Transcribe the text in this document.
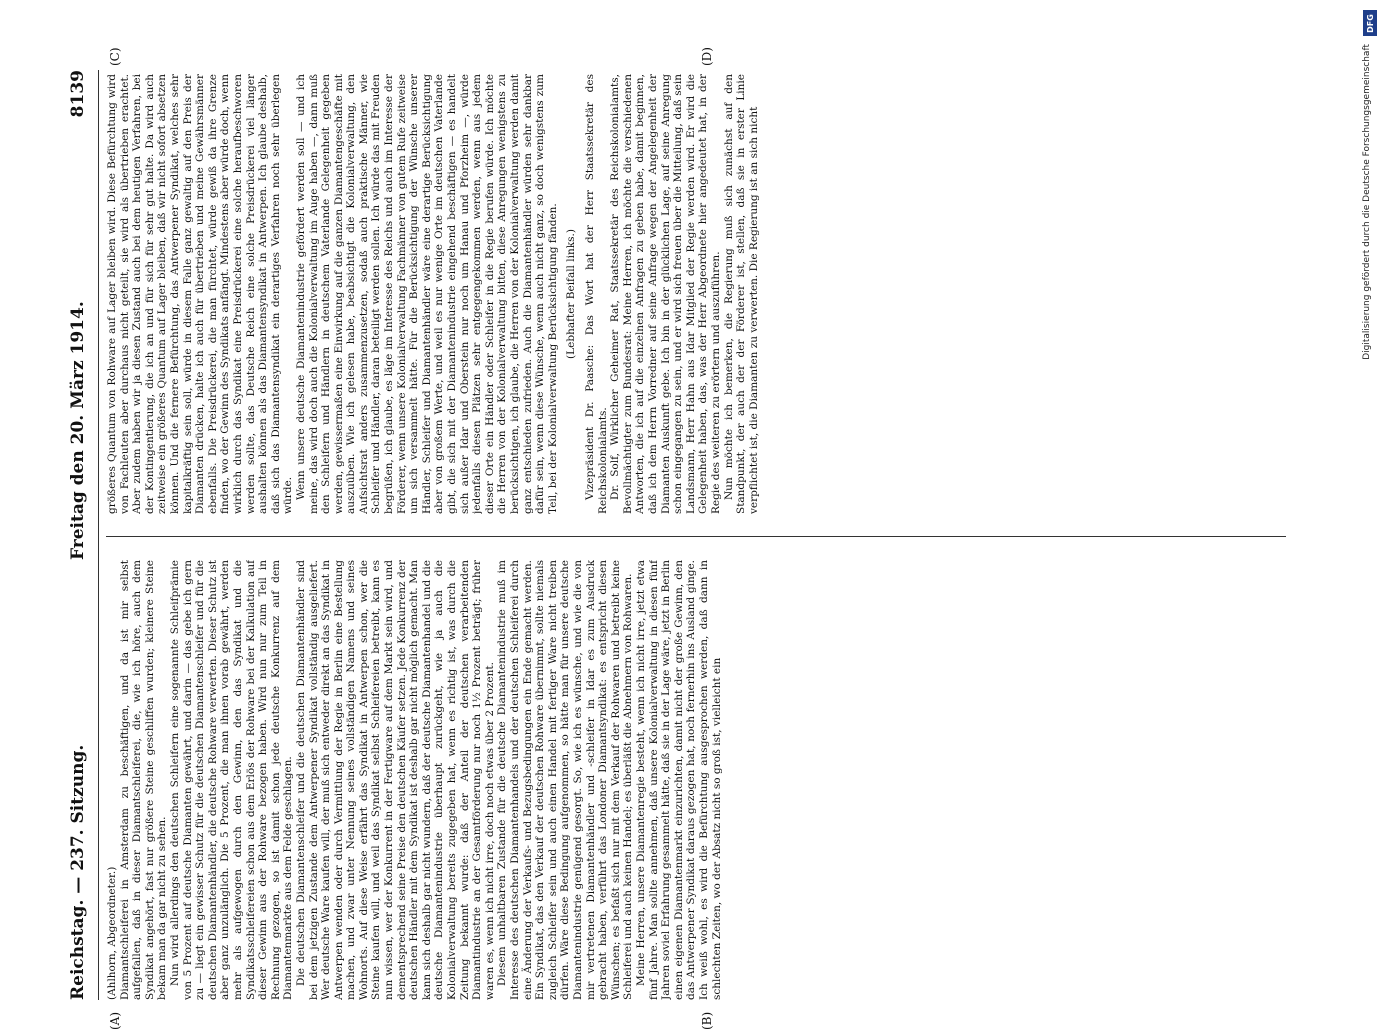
Reichstag. — 237. Sitzung.
Freitag den 20. März 1914.
8139

(Ahlhorn, Abgeordneter.) Diamantschleiferei in Amsterdam zu beschäftigen, und da ist mir selbst aufgefallen, daß in dieser Diamantschleiferei, die, wie ich höre, auch dem Syndikat angehört, fast nur größere Steine geschliffen wurden; kleinere Steine bekam man da gar nicht zu sehen. Nun wird allerdings den deutschen Schleifern eine sogenannte Schleifprämie von 5 Prozent auf deutsche Diamanten gewährt, und darin — das gebe ich gern zu — liegt ein gewisser Schutz für die deutschen Diamantenschleifer und für die deutschen Diamantenhändler, die deutsche Rohware verwerten. Dieser Schutz ist aber ganz unzulänglich. Die 5 Prozent, die man ihnen vorab gewährt, werden mehr als aufgewogen durch den Gewinn, den das Syndikat und die Syndikatsschleifereien schon aus dem Erlös der Rohware bei der Kalkulation auf dieser Gewinn aus der Rohware bezogen haben. Wird nun nur zum Teil in Rechnung gezogen, so ist damit schon jede deutsche Konkurrenz auf dem Diamantenmarkte aus dem Felde geschlagen. Die deutschen Diamantenschleifer und die deutschen Diamantenhändler sind bei dem jetzigen Zustande dem Antwerpener Syndikat vollständig ausgeliefert. Wer deutsche Ware kaufen will, der muß sich entweder direkt an das Syndikat in Antwerpen wenden oder durch Vermittlung der Regie in Berlin eine Bestellung machen, und zwar unter Nennung seines vollständigen Namens und seines Wohnorts. Auf diese Weise erfährt das Syndikat in Antwerpen schon, wer die Steine kaufen will, und weil das Syndikat selbst Schleifereien betreibt, kann es nun wissen, wer der Konkurrent in der Fertigware auf dem Markt sein wird, und dementsprechend seine Preise den deutschen Käufer setzen. Jede Konkurrenz der deutschen Händler mit dem Syndikat ist deshalb gar nicht möglich gemacht. Man kann sich deshalb gar nicht wundern, daß der deutsche Diamantenhandel und die deutsche Diamantenindustrie überhaupt zurückgeht, wie ja auch die Kolonialverwaltung bereits zugegeben hat, wenn es richtig ist, was durch die Zeitung bekannt wurde: daß der Anteil der deutschen verarbeitenden Diamantindustrie an der Gesamtförderung nur noch 1½ Prozent beträgt; früher waren es, wenn ich nicht irre, doch noch etwas über 2 Prozent. Diesem unhaltbaren Zustande für die deutsche Diamantenindustrie muß im Interesse des deutschen Diamantenhandels und der deutschen Schleiferei durch eine Änderung der Verkaufs- und Bezugsbedingungen ein Ende gemacht werden. Ein Syndikat, das den Verkauf der deutschen Rohware übernimmt, sollte niemals zugleich Schleifer sein und auch einen Handel mit fertiger Ware nicht treiben dürfen. Wäre diese Bedingung aufgenommen, so hätte man für unsere deutsche Diamantenindustrie genügend gesorgt. So, wie ich es wünsche, und wie die von mir vertretenen Diamantenhändler und -schleifer in Idar es zum Ausdruck gebracht haben, verführt das Londoner Diamantsyndikat: es entspricht diesen Wünschen; es befaßt sich nur mit dem Verkauf der Rohwaren und betreibt keine Schleiferei und auch keinen Handel; es überläßt die Abnehmern von Rohwaren. Meine Herren, unsere Diamantenregie besteht, wenn ich nicht irre, jetzt etwa fünf Jahre. Man sollte annehmen, daß unsere Kolonialverwaltung in diesen fünf Jahren soviel Erfahrung gesammelt hätte, daß sie in der Lage wäre, jetzt in Berlin einen eigenen Diamantenmarkt einzurichten, damit nicht der große Gewinn, den das Antwerpener Syndikat daraus gezogen hat, noch fernerhin ins Ausland ginge. Ich weiß wohl, es wird die Befürchtung ausgesprochen werden, daß dann in schlechten Zeiten, wo der Absatz nicht so groß ist, vielleicht ein

größeres Quantum von Rohware auf Lager bleiben wird. Diese Befürchtung wird von Fachleuten aber durchaus nicht geteilt, sie wird als übertrieben erachtet. Aber zudem haben wir ja diesen Zustand auch bei dem heutigen Verfahren, bei der Kontingentierung, die ich an und für sich für sehr gut halte. Da wird auch zeitweise ein größeres Quantum auf Lager bleiben, daß wir nicht sofort absetzen können. Und die fernere Befürchtung, das Antwerpener Syndikat, welches sehr kapitalkräftig sein soll, würde in diesem Falle ganz gewaltig auf den Preis der Diamanten drücken, halte ich auch für übertrieben und meine Gewährsmänner ebenfalls. Die Preisdrückerei, die man fürchtet, würde gewiß da ihre Grenze finden, wo der Gewinn des Syndikats anfängt. Mindestens aber würde doch, wenn wirklich durch das Syndikat eine Preisdrückerei eine solche heraufbeschworen werden sollte, das Deutsche Reich eine solche Preisdrückerei viel länger aushalten können als das Diamantensyndikat in Antwerpen. Ich glaube deshalb, daß sich das Diamantensyndikat ein derartiges Verfahren noch sehr überlegen würde. Wenn unsere deutsche Diamantenindustrie gefördert werden soll — und ich meine, das wird doch auch die Kolonialverwaltung im Auge haben —, dann muß den Schleifern und Händlern in deutschem Vaterlande Gelegenheit gegeben werden, gewissermaßen eine Einwirkung auf die ganzen Diamantengeschäfte mit auszuüben. Wie ich gelesen habe, beabsichtigt die Kolonialverwaltung, den Aufsichtsrat anders zusammenzusetzen, sodaß auch praktische Männer, wie Schleifer und Händler, daran beteiligt werden sollen. Ich würde das mit Freuden begrüßen, ich glaube, es läge im Interesse des Reichs und auch im Interesse der Förderer, wenn unsere Kolonialverwaltung Fachmänner von gutem Rufe zeitweise um sich versammelt hätte. Für die Berücksichtigung der Wünsche unserer Händler, Schleifer und Diamantenhändler wäre eine derartige Berücksichtigung aber von großem Werte, und weil es nur wenige Orte im deutschen Vaterlande gibt, die sich mit der Diamantenindustrie eingehend beschäftigen — es handelt sich außer Idar und Oberstein nur noch um Hanau und Pforzheim —, würde jedenfalls diesen Plätzen sehr entgegengekommen werden, wenn aus jedem dieser Orte ein Händler oder Schleifer in die Regie berufen würde. Ich möchte die Herren von der Kolonialverwaltung bitten, diese Anregungen wenigstens zu berücksichtigen, ich glaube, die Herren von der Kolonialverwaltung werden damit ganz entschieden zufrieden. Auch die Diamantenhändler würden sehr dankbar dafür sein, wenn diese Wünsche, wenn auch nicht ganz, so doch wenigstens zum Teil, bei der Kolonialverwaltung Berücksichtigung fänden. (Lebhafter Beifall links.) Vizepräsident Dr. Paasche: Das Wort hat der Herr Staatssekretär des Reichskolonialamts. Dr. Solf, Wirklicher Geheimer Rat, Staatssekretär des Reichskolonialamts, Bevollmächtigter zum Bundesrat: Meine Herren, ich möchte die verschiedenen Antworten, die ich auf die einzelnen Anfragen zu geben habe, damit beginnen, daß ich dem Herrn Vorredner auf seine Anfrage wegen der Angelegenheit der Diamanten Auskunft gebe. Ich bin in der glücklichen Lage, auf seine Anregung schon eingegangen zu sein, und er wird sich freuen über die Mitteilung, daß sein Landsmann, Herr Hahn aus Idar Mitglied der Regie werden wird. Er wird die Gelegenheit haben, das, was der Herr Abgeordnete hier angedeutet hat, in der Regie des weiteren zu erörtern und auszuführen. Nun möchte ich bemerken, die Regierung muß sich zunächst auf den Standpunkt, der auch der der Förderer ist, stellen, daß sie in erster Linie verpflichtet ist, die Diamanten zu verwerten. Die Regierung ist an sich nicht

(A)	(B)
(C)	(D)
DFG
Digitalisierung gefördert durch die Deutsche Forschungsgemeinschaft
